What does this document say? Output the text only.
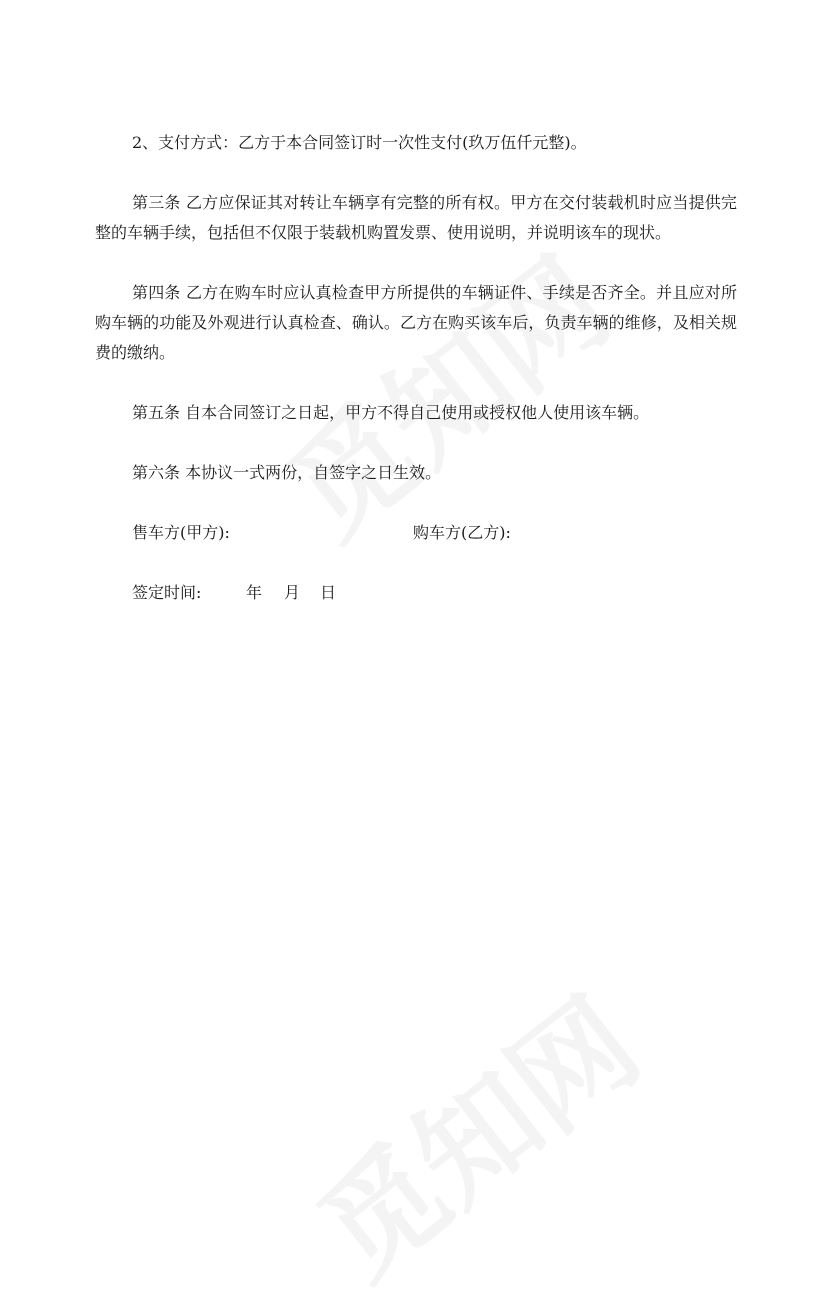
2、支付方式：乙方于本合同签订时一次性支付(玖万伍仟元整)。

第三条 乙方应保证其对转让车辆享有完整的所有权。甲方在交付装载机时应当提供完整的车辆手续，包括但不仅限于装载机购置发票、使用说明，并说明该车的现状。

第四条 乙方在购车时应认真检查甲方所提供的车辆证件、手续是否齐全。并且应对所购车辆的功能及外观进行认真检查、确认。乙方在购买该车后，负责车辆的维修，及相关规费的缴纳。

第五条 自本合同签订之日起，甲方不得自己使用或授权他人使用该车辆。

第六条 本协议一式两份，自签字之日生效。

售车方(甲方):	购车方(乙方):
签定时间:	年 月 日
